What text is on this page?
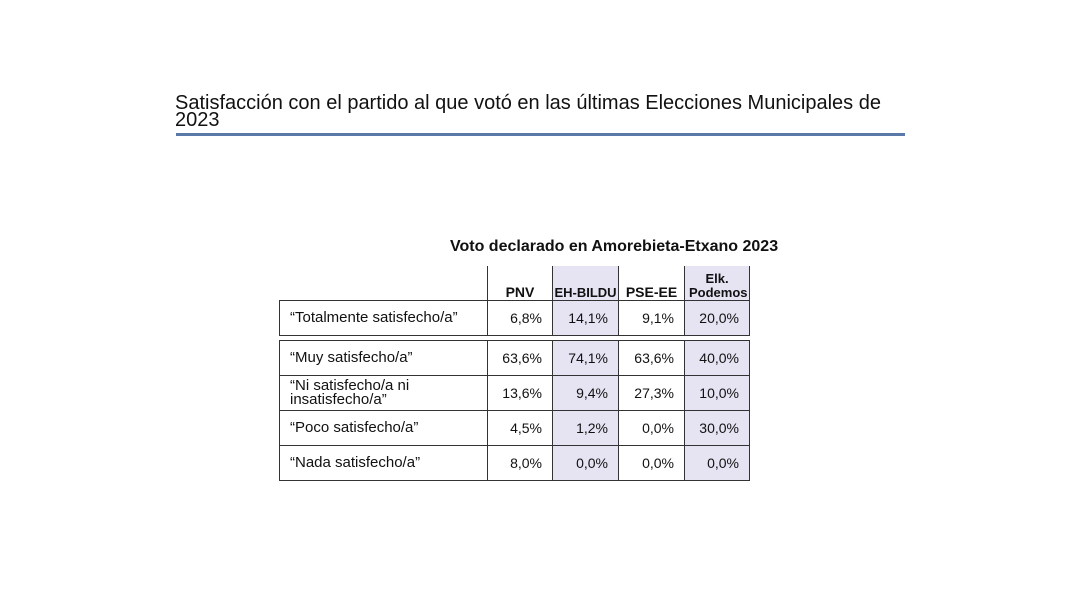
Satisfacción con el partido al que votó en las últimas Elecciones Municipales de 2023
Voto declarado en Amorebieta-Etxano 2023
	PNV	EH-BILDU	PSE-EE	Elk. Podemos
“Totalmente satisfecho/a”	6,8%	14,1%	9,1%	20,0%

“Muy satisfecho/a”	63,6%	74,1%	63,6%	40,0%
“Ni satisfecho/a ni insatisfecho/a”	13,6%	9,4%	27,3%	10,0%
“Poco satisfecho/a”	4,5%	1,2%	0,0%	30,0%
“Nada satisfecho/a”	8,0%	0,0%	0,0%	0,0%
